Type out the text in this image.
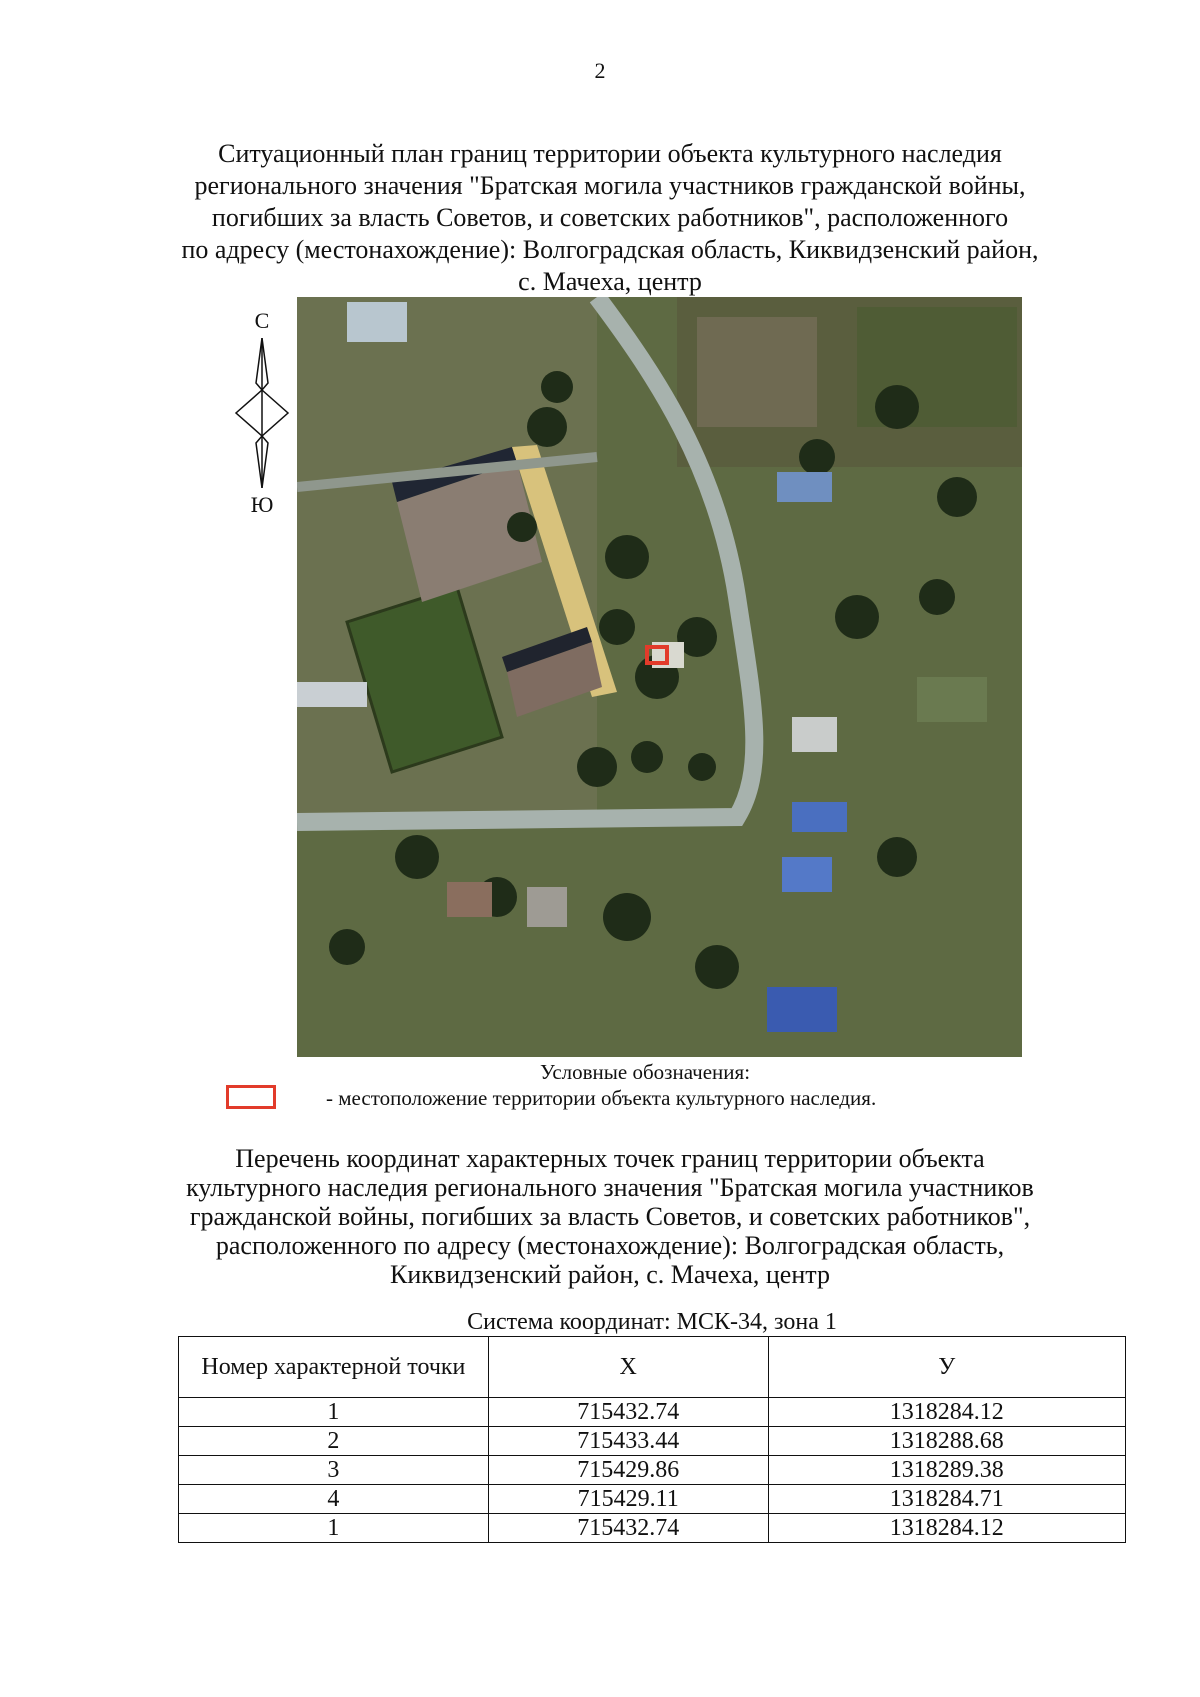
2
Ситуационный план границ территории объекта культурного наследия
регионального значения "Братская могила участников гражданской войны,
погибших за власть Советов, и советских работников", расположенного
по адресу (местонахождение): Волгоградская область, Киквидзенский район,
с. Мачеха, центр
С
Ю
Условные обозначения:
- местоположение территории объекта культурного наследия.
Перечень координат характерных точек границ территории объекта
культурного наследия регионального значения "Братская могила участников
гражданской войны, погибших за власть Советов, и советских работников",
расположенного по адресу (местонахождение): Волгоградская область,
Киквидзенский район, с. Мачеха, центр
Система координат: МСК-34, зона 1
Номер характерной точки	Х	У
1	715432.74	1318284.12
2	715433.44	1318288.68
3	715429.86	1318289.38
4	715429.11	1318284.71
1	715432.74	1318284.12
